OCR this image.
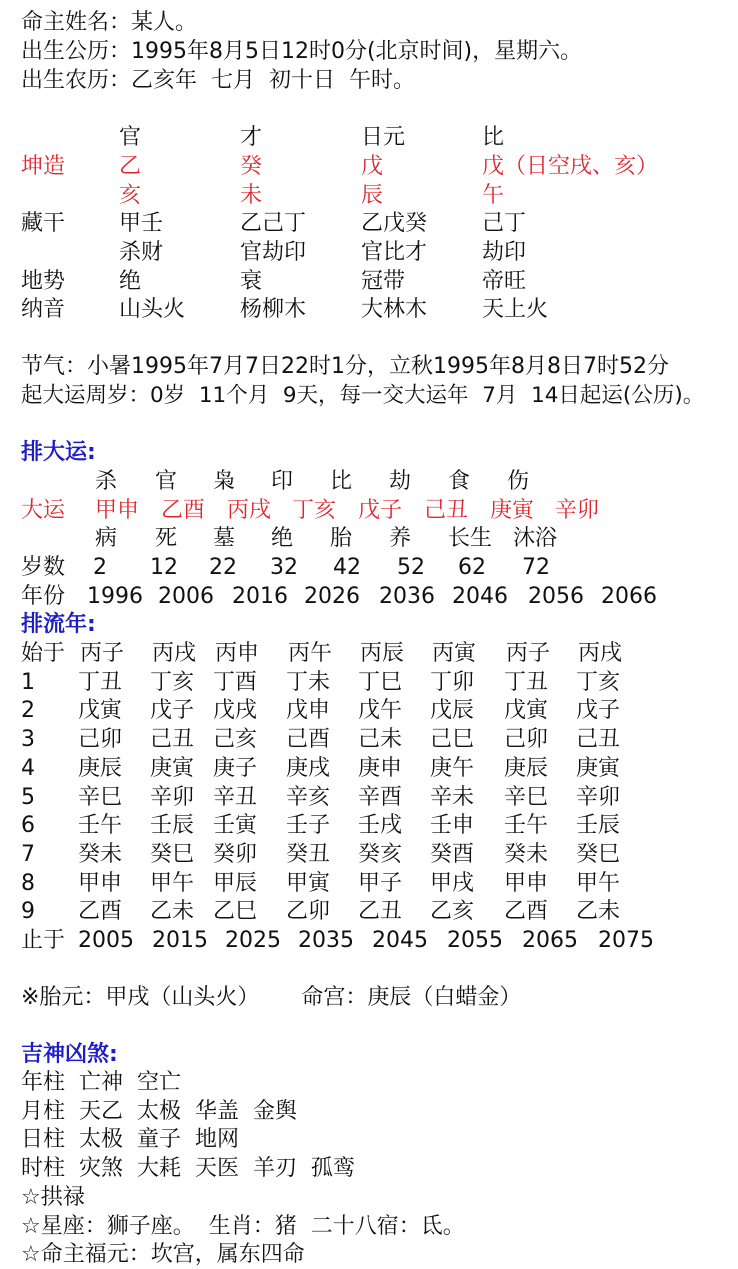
命主姓名：某人。
出生公历：1995年8月5日12时0分(北京时间)，星期六。
出生农历：乙亥年  七月  初十日  午时。
官	才	日元	比
坤造 乙	癸	戊	戊（日空戌、亥）
亥	未	辰	午
藏干 甲壬	乙己丁 乙戊癸 己丁
杀财	官劫印 官比才 劫印
地势 绝	衰	冠带	帝旺
纳音 山头火 杨柳木 大林木 天上火
节气：小暑1995年7月7日22时1分，立秋1995年8月8日7时52分
起大运周岁：0岁  11个月  9天，每一交大运年  7月  14日起运(公历)。
排大运:
杀 官 枭 印 比 劫 食 伤
大运 甲申 乙酉 丙戌 丁亥 戊子 己丑 庚寅 辛卯
病 死 墓 绝 胎 养 长生 沐浴
岁数 2 12 22 32 42 52 62 72
年份 1996 2006 2016 2026 2036 2046 2056 2066
排流年:
始于 丙子 丙戌 丙申 丙午 丙辰 丙寅 丙子 丙戌
1 丁丑 丁亥 丁酉 丁未 丁巳 丁卯 丁丑 丁亥
2 戊寅 戊子 戊戌 戊申 戊午 戊辰 戊寅 戊子
3 己卯 己丑 己亥 己酉 己未 己巳 己卯 己丑
4 庚辰 庚寅 庚子 庚戌 庚申 庚午 庚辰 庚寅
5 辛巳 辛卯 辛丑 辛亥 辛酉 辛未 辛巳 辛卯
6 壬午 壬辰 壬寅 壬子 壬戌 壬申 壬午 壬辰
7 癸未 癸巳 癸卯 癸丑 癸亥 癸酉 癸未 癸巳
8 甲申 甲午 甲辰 甲寅 甲子 甲戌 甲申 甲午
9 乙酉 乙未 乙巳 乙卯 乙丑 乙亥 乙酉 乙未
止于 2005 2015 2025 2035 2045 2055 2065 2075
※胎元：甲戌（山头火）      命宫：庚辰（白蜡金）
吉神凶煞:
年柱  亡神  空亡
月柱  天乙  太极  华盖  金舆
日柱  太极  童子  地网
时柱  灾煞  大耗  天医  羊刃  孤鸾
☆拱禄
☆星座：狮子座。  生肖：猪  二十八宿：氐。
☆命主福元：坎宫，属东四命
